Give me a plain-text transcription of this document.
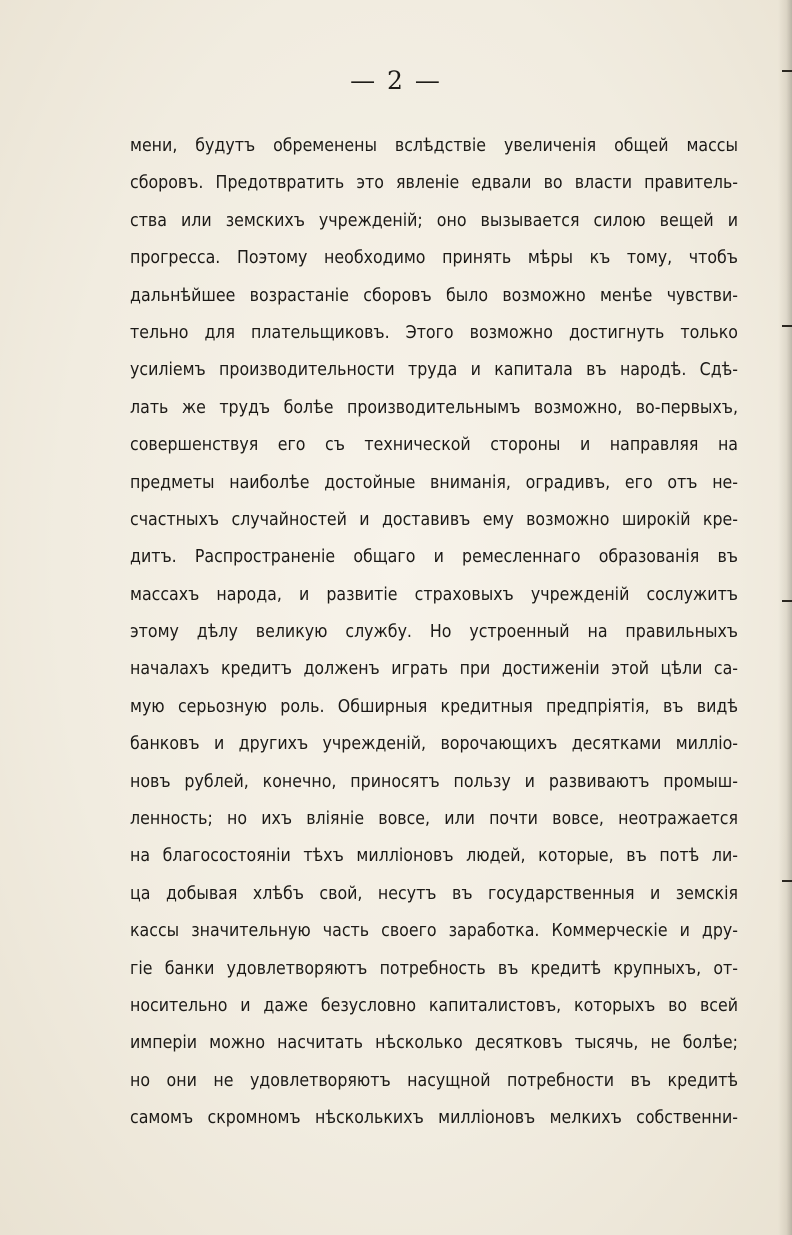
— 2 —
мени, будутъ обременены вслѣдствіе увеличенія общей массы
сборовъ. Предотвратить это явленіе едвали во власти правитель-
ства или земскихъ учрежденій; оно вызывается силою вещей и
прогресса. Поэтому необходимо принять мѣры къ тому, чтобъ
дальнѣйшее возрастаніе сборовъ было возможно менѣе чувстви-
тельно для плательщиковъ. Этого возможно достигнуть только
усиліемъ производительности труда и капитала въ народѣ. Сдѣ-
лать же трудъ болѣе производительнымъ возможно, во-первыхъ,
совершенствуя его съ технической стороны и направляя на
предметы наиболѣе достойные вниманія, оградивъ, его отъ не-
счастныхъ случайностей и доставивъ ему возможно широкій кре-
дитъ. Распространеніе общаго и ремесленнаго образованія въ
массахъ народа, и развитіе страховыхъ учрежденій сослужитъ
этому дѣлу великую службу. Но устроенный на правильныхъ
началахъ кредитъ долженъ играть при достиженіи этой цѣли са-
мую серьозную роль. Обширныя кредитныя предпріятія, въ видѣ
банковъ и другихъ учрежденій, ворочающихъ десятками милліо-
новъ рублей, конечно, приносятъ пользу и развиваютъ промыш-
ленность; но ихъ вліяніе вовсе, или почти вовсе, неотражается
на благосостояніи тѣхъ милліоновъ людей, которые, въ потѣ ли-
ца добывая хлѣбъ свой, несутъ въ государственныя и земскія
кассы значительную часть своего заработка. Коммерческіе и дру-
гіе банки удовлетворяютъ потребность въ кредитѣ крупныхъ, от-
носительно и даже безусловно капиталистовъ, которыхъ во всей
имперіи можно насчитать нѣсколько десятковъ тысячь, не болѣе;
но они не удовлетворяютъ насущной потребности въ кредитѣ
самомъ скромномъ нѣсколькихъ милліоновъ мелкихъ собственни-
